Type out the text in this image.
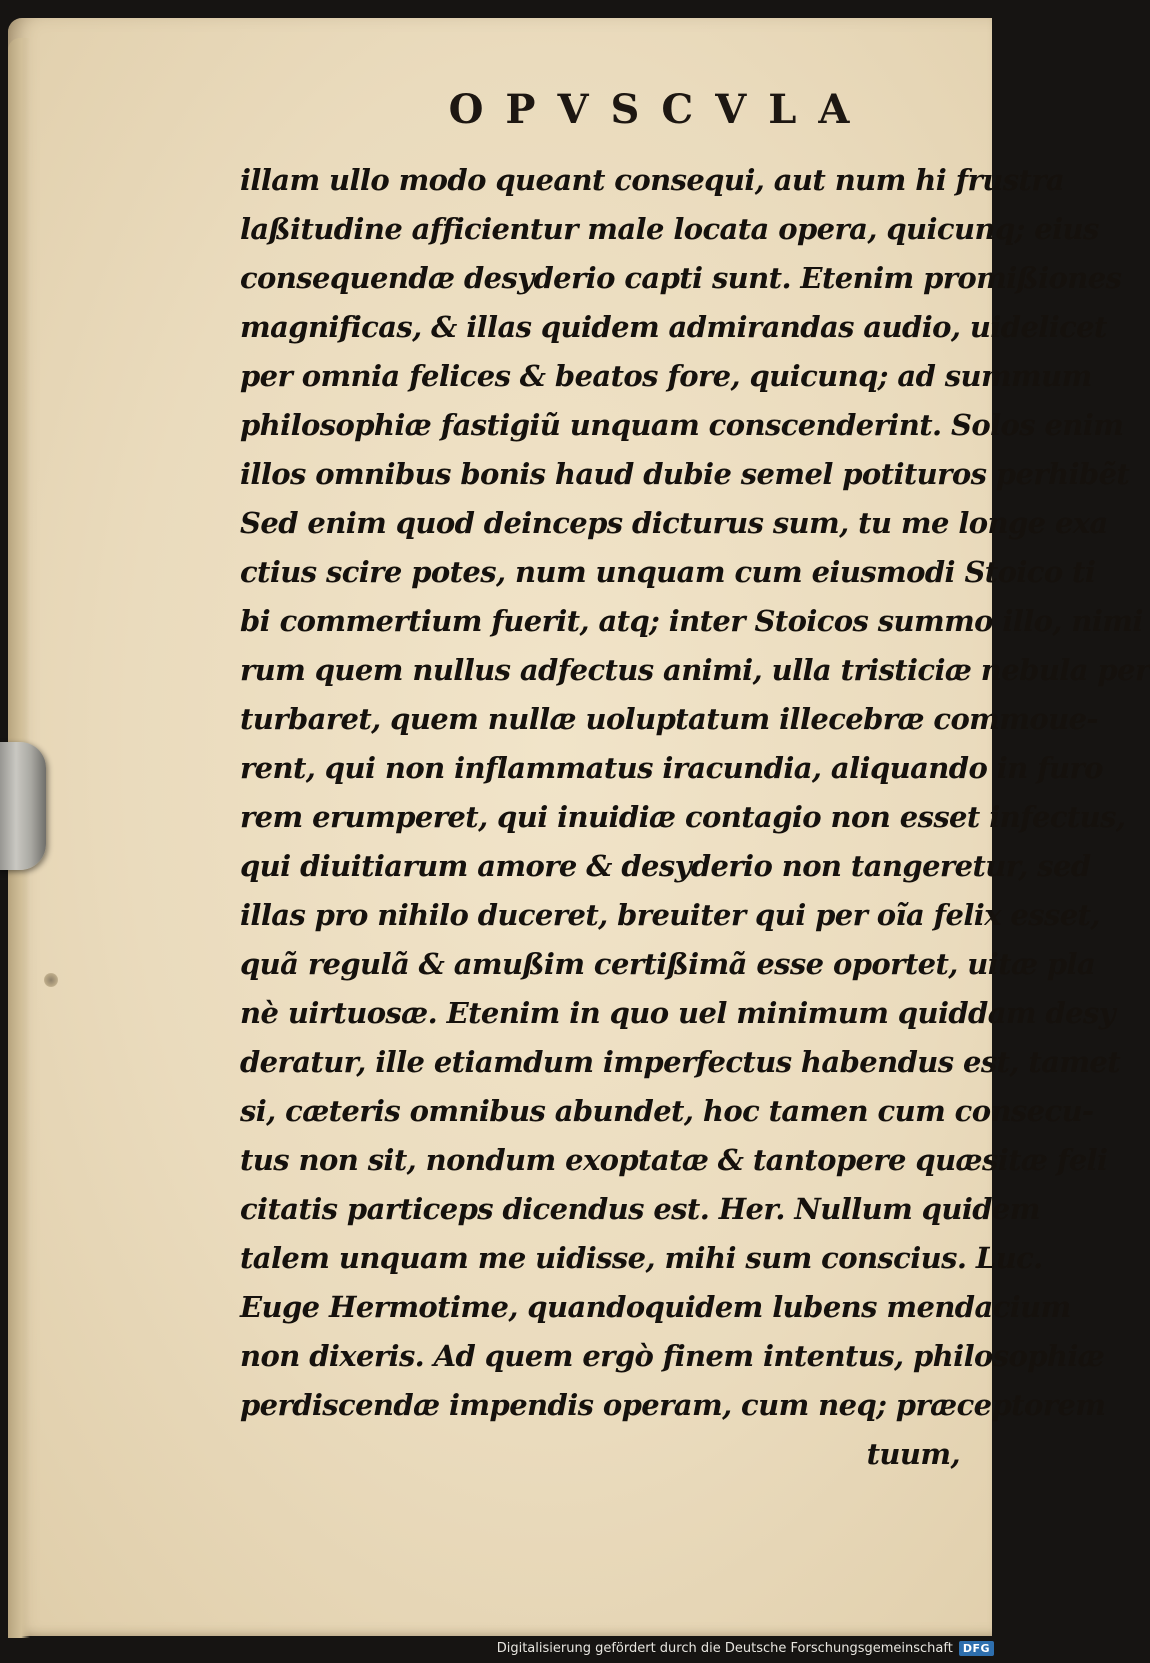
OPVSCVLA
illam ullo modo queant consequi, aut num hi frustra
laßitudine afficientur male locata opera, quicunq; eius
consequendæ desyderio capti sunt. Etenim promißiones
magnificas, & illas quidem admirandas audio, uidelicet
per omnia felices & beatos fore, quicunq; ad summum
philosophiæ fastigiũ unquam conscenderint. Solos enim
illos omnibus bonis haud dubie semel potituros perhibẽt
Sed enim quod deinceps dicturus sum, tu me longe exa
ctius scire potes, num unquam cum eiusmodi Stoico ti
bi commertium fuerit, atq; inter Stoicos summo illo, nimi
rum quem nullus adfectus animi, ulla tristiciæ nebula per
turbaret, quem nullæ uoluptatum illecebræ commoue-
rent, qui non inflammatus iracundia, aliquando in furo
rem erumperet, qui inuidiæ contagio non esset infectus,
qui diuitiarum amore & desyderio non tangeretur, sed
illas pro nihilo duceret, breuiter qui per oĩa felix esset,
quã regulã & amußim certißimã esse oportet, uitæ pla
nè uirtuosæ. Etenim in quo uel minimum quiddam desy
deratur, ille etiamdum imperfectus habendus est, tamet
si, cæteris omnibus abundet, hoc tamen cum consecu-
tus non sit, nondum exoptatæ & tantopere quæsitæ feli
citatis particeps dicendus est. Her. Nullum quidem
talem unquam me uidisse, mihi sum conscius. Luc.
Euge Hermotime, quandoquidem lubens mendacium
non dixeris. Ad quem ergò finem intentus, philosophiæ
perdiscendæ impendis operam, cum neq; præceptorem
tuum,
Digitalisierung gefördert durch die Deutsche Forschungsgemeinschaft DFG
